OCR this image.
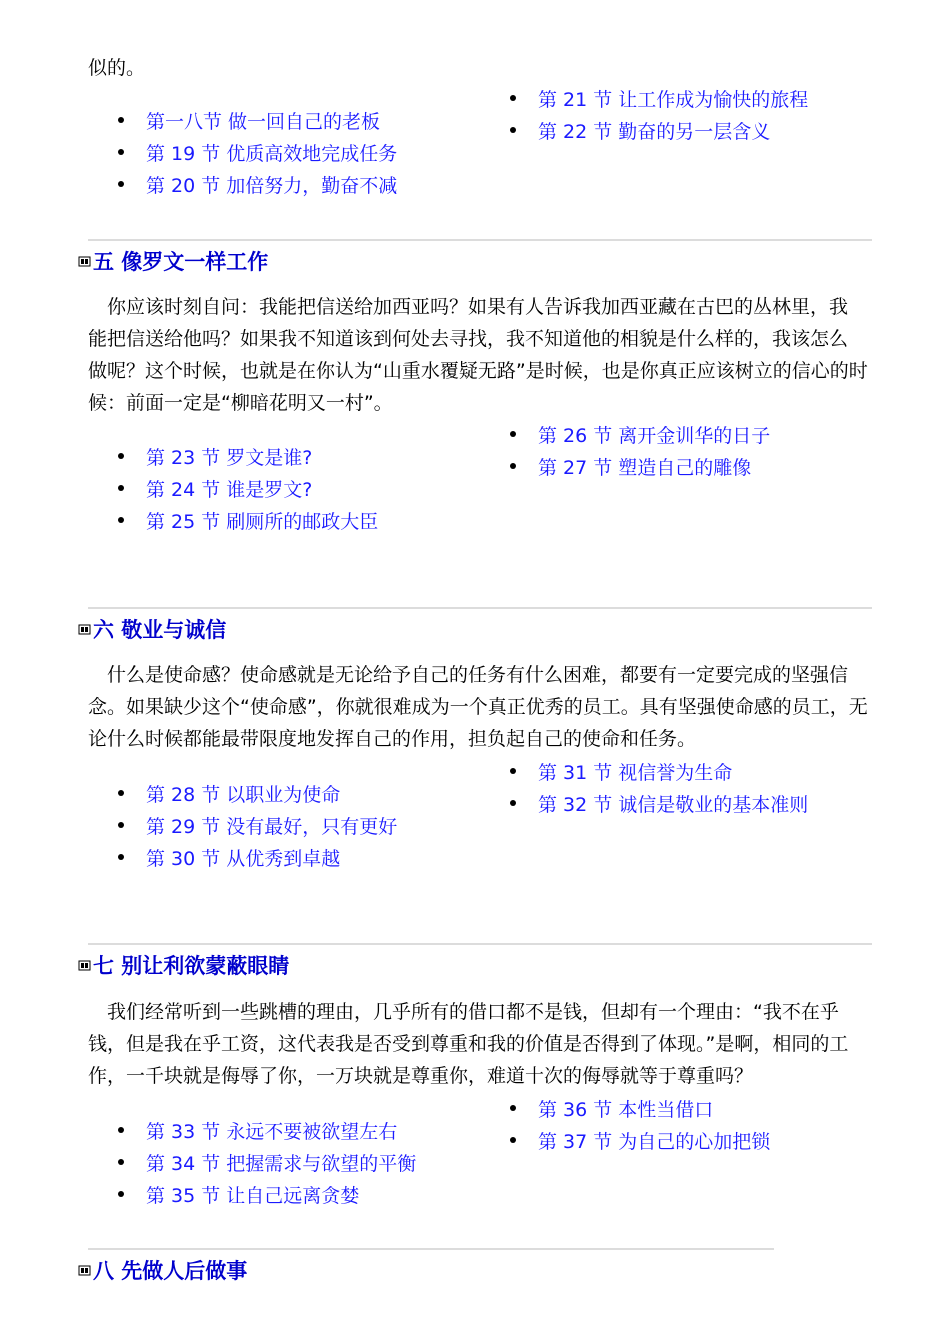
似的。

第一八节 做一回自己的老板
第 19 节 优质高效地完成任务
第 20 节 加倍努力，勤奋不减
第 21 节 让工作成为愉快的旅程
第 22 节 勤奋的另一层含义
五 像罗文一样工作

　你应该时刻自问：我能把信送给加西亚吗？如果有人告诉我加西亚藏在古巴的丛林里，我

能把信送给他吗？如果我不知道该到何处去寻找，我不知道他的相貌是什么样的，我该怎么

做呢？这个时候，也就是在你认为“山重水覆疑无路”是时候，也是你真正应该树立的信心的时

候：前面一定是“柳暗花明又一村”。

第 23 节 罗文是谁?
第 24 节 谁是罗文?
第 25 节 刷厕所的邮政大臣
第 26 节 离开金训华的日子
第 27 节 塑造自己的雕像
六 敬业与诚信

　什么是使命感？使命感就是无论给予自己的任务有什么困难，都要有一定要完成的坚强信

念。如果缺少这个“使命感”，你就很难成为一个真正优秀的员工。具有坚强使命感的员工，无

论什么时候都能最带限度地发挥自己的作用，担负起自己的使命和任务。

第 28 节 以职业为使命
第 29 节 没有最好，只有更好
第 30 节 从优秀到卓越
第 31 节 视信誉为生命
第 32 节 诚信是敬业的基本准则
七 别让利欲蒙蔽眼睛

　我们经常听到一些跳槽的理由，几乎所有的借口都不是钱，但却有一个理由：“我不在乎

钱，但是我在乎工资，这代表我是否受到尊重和我的价值是否得到了体现。”是啊，相同的工

作，一千块就是侮辱了你，一万块就是尊重你，难道十次的侮辱就等于尊重吗？

第 33 节 永远不要被欲望左右
第 34 节 把握需求与欲望的平衡
第 35 节 让自己远离贪婪
第 36 节 本性当借口
第 37 节 为自己的心加把锁
八 先做人后做事
